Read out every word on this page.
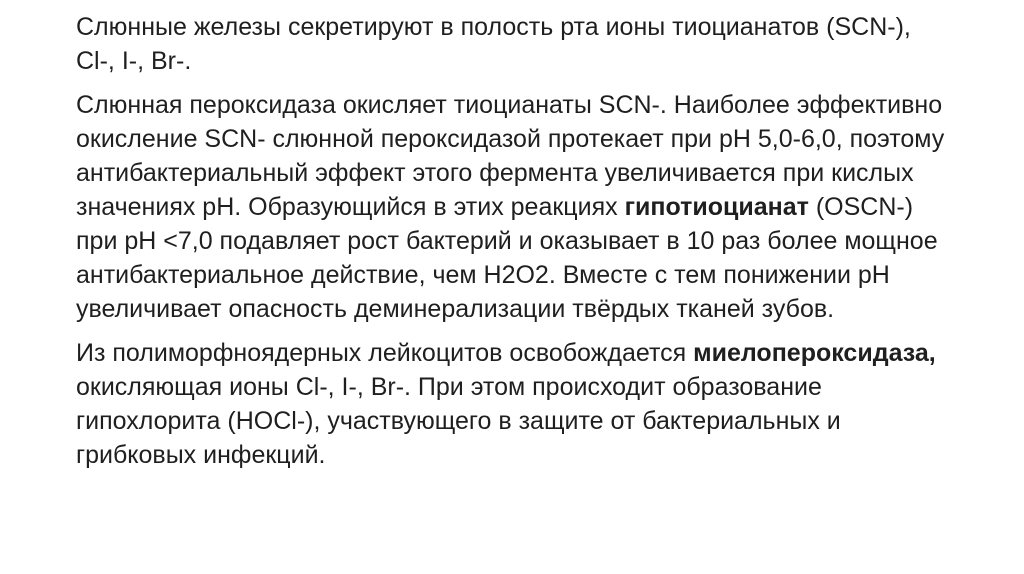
Слюнные железы секретируют в полость рта ионы тиоцианатов (SCN-), Cl-, I-, Br-.

Слюнная пероксидаза окисляет тиоцианаты SCN-. Наиболее эффективно окисление SCN- слюнной пероксидазой протекает при pH 5,0-6,0, поэтому антибактериальный эффект этого фермента увеличивается при кислых значениях pH. Образующийся в этих реакциях гипотиоцианат (OSCN-) при pH <7,0 подавляет рост бактерий и оказывает в 10 раз более мощное антибактериальное действие, чем H2O2. Вместе с тем понижении pH увеличивает опасность деминерализации твёрдых тканей зубов.

Из полиморфноядерных лейкоцитов освобождается миелопероксидаза, окисляющая ионы Cl-, I-, Br-. При этом происходит образование гипохлорита (HOCl-), участвующего в защите от бактериальных и грибковых инфекций.
